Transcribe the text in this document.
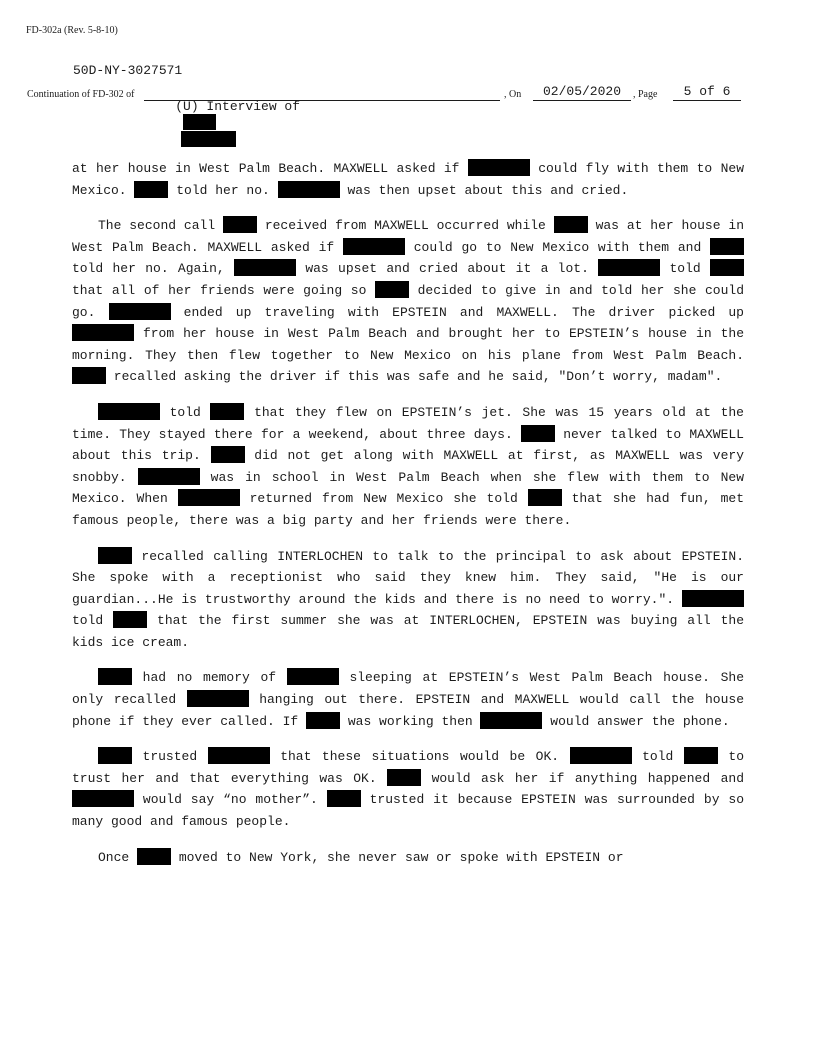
FD-302a (Rev. 5-8-10)
50D-NY-3027571
Continuation of FD-302 of

(U) Interview of

, On	02/05/2020	, Page	5 of 6

at her house in West Palm Beach. MAXWELL asked if	could fly with them to New Mexico.	told her no.	was then upset about this and cried.

The second call	received from MAXWELL occurred while	was at her house in West Palm Beach. MAXWELL asked if	could go to New Mexico with them and  told her no. Again,	was upset and cried about it a lot.	told  that all of her friends were going so	decided to give in and told her she could go.	ended up traveling with EPSTEIN and MAXWELL. The driver picked up  from her house in West Palm Beach and brought her to EPSTEIN’s house in the morning. They then flew together to New Mexico on his plane from West Palm Beach.  recalled asking the driver if this was safe and he said, "Don’t worry, madam".

told	that they flew on EPSTEIN’s jet. She was 15 years old at the time. They stayed there for a weekend, about three days.	never talked to MAXWELL about this trip.	did not get along with MAXWELL at first, as MAXWELL was very snobby.	was in school in West Palm Beach when she flew with them to New Mexico. When	returned from New Mexico she told	that she had fun, met famous people, there was a big party and her friends were there.

recalled calling INTERLOCHEN to talk to the principal to ask about EPSTEIN. She spoke with a receptionist who said they knew him. They said, "He is our guardian...He is trustworthy around the kids and there is no need to worry.".  told	that the first summer she was at INTERLOCHEN, EPSTEIN was buying all the kids ice cream.

had no memory of	sleeping at EPSTEIN’s West Palm Beach house. She only recalled	hanging out there. EPSTEIN and MAXWELL would call the house phone if they ever called. If	was working then	would answer the phone.

trusted	that these situations would be OK.	told	to trust her and that everything was OK.	would ask her if anything happened and  would say “no mother”.	trusted it because EPSTEIN was surrounded by so many good and famous people.

Once	moved to New York, she never saw or spoke with EPSTEIN or
